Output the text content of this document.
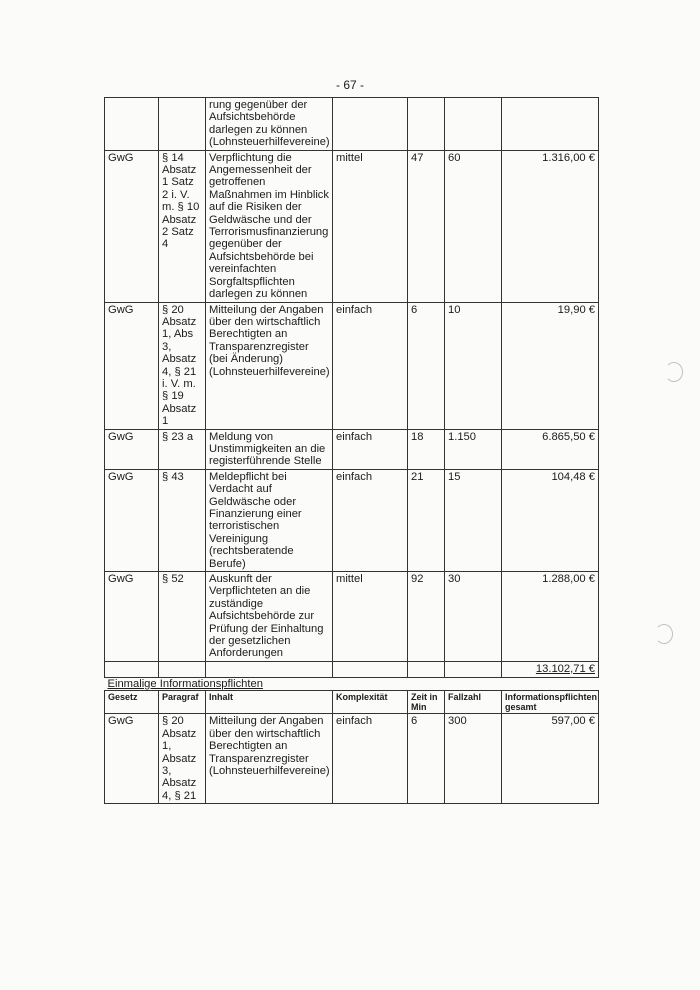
- 67 -
		rung gegenüber der Aufsichtsbehörde darlegen zu können (Lohnsteuerhilfevereine)				
GwG	§ 14 Absatz 1 Satz 2 i. V. m. § 10 Absatz 2 Satz 4	Verpflichtung die Angemessenheit der getroffenen Maßnahmen im Hinblick auf die Risiken der Geldwäsche und der Terrorismusfinanzierung gegenüber der Aufsichtsbehörde bei vereinfachten Sorgfaltspflichten darlegen zu können	mittel	47	60	1.316,00 €
GwG	§ 20 Absatz 1, Abs 3, Absatz 4, § 21 i. V. m. § 19 Absatz 1	Mitteilung der Angaben über den wirtschaftlich Berechtigten an Transparenzregister (bei Änderung) (Lohnsteuerhilfevereine)	einfach	6	10	19,90 €
GwG	§ 23 a	Meldung von Unstimmigkeiten an die registerführende Stelle	einfach	18	1.150	6.865,50 €
GwG	§ 43	Meldepflicht bei Verdacht auf Geldwäsche oder Finanzierung einer terroristischen Vereinigung (rechtsberatende Berufe)	einfach	21	15	104,48 €
GwG	§ 52	Auskunft der Verpflichteten an die zuständige Aufsichtsbehörde zur Prüfung der Einhaltung der gesetzlichen Anforderungen	mittel	92	30	1.288,00 €
						13.102,71 €
Einmalige Informationspflichten						
Gesetz	Paragraf	Inhalt	Komplexität	Zeit in Min	Fallzahl	Informationspflichten gesamt
GwG	§ 20 Absatz 1, Absatz 3, Absatz 4, § 21	Mitteilung der Angaben über den wirtschaftlich Berechtigten an Transparenzregister (Lohnsteuerhilfevereine)	einfach	6	300	597,00 €
